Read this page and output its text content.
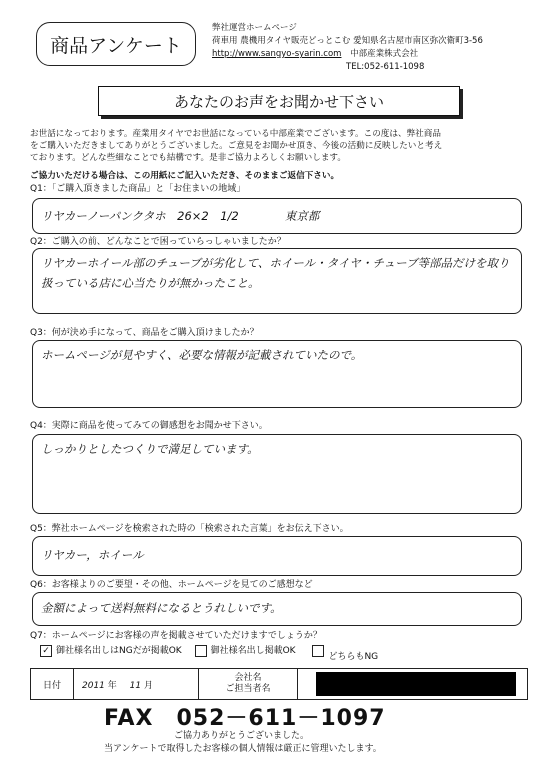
商品アンケート
弊社運営ホームページ
荷車用 農機用タイヤ販売どっとこむ 愛知県名古屋市南区弥次衛町3-56
http://www.sangyo-syarin.com 中部産業株式会社
TEL:052-611-1098
あなたのお声をお聞かせ下さい
お世話になっております。産業用タイヤでお世話になっている中部産業でございます。この度は、弊社商品
をご購入いただきましてありがとうございました。ご意見をお聞かせ頂き、今後の活動に反映したいと考え
ております。どんな些細なことでも結構です。是非ご協力よろしくお願いします。
ご協力いただける場合は、この用紙にご記入いただき、そのままご返信下さい。
Q1：「ご購入頂きました商品」と「お住まいの地域」
リヤカーノーパンクタホ　26×2　1/2　　　　東京都
Q2：ご購入の前、どんなことで困っていらっしゃいましたか？
リヤカーホイール部のチューブが劣化して、ホイール・タイヤ・チューブ等部品だけを取り扱っている店に心当たりが無かったこと。
Q3：何が決め手になって、商品をご購入頂けましたか？
ホームページが見やすく、必要な情報が記載されていたので。
Q4：実際に商品を使ってみての御感想をお聞かせ下さい。
しっかりとしたつくりで満足しています。
Q5：弊社ホームページを検索された時の「検索された言葉」をお伝え下さい。
リヤカー，ホイール
Q6：お客様よりのご要望・その他、ホームページを見てのご感想など
金額によって送料無料になるとうれしいです。
Q7：ホームページにお客様の声を掲載させていただけますでしょうか？
✓ 御社様名出しはNGだが掲載OK	御社様名出し掲載OK どちらもNG
日付	2011 年 11 月	
会社名
ご担当者名

FAX　052－611－1097
ご協力ありがとうございました。
当アンケートで取得したお客様の個人情報は厳正に管理いたします。
